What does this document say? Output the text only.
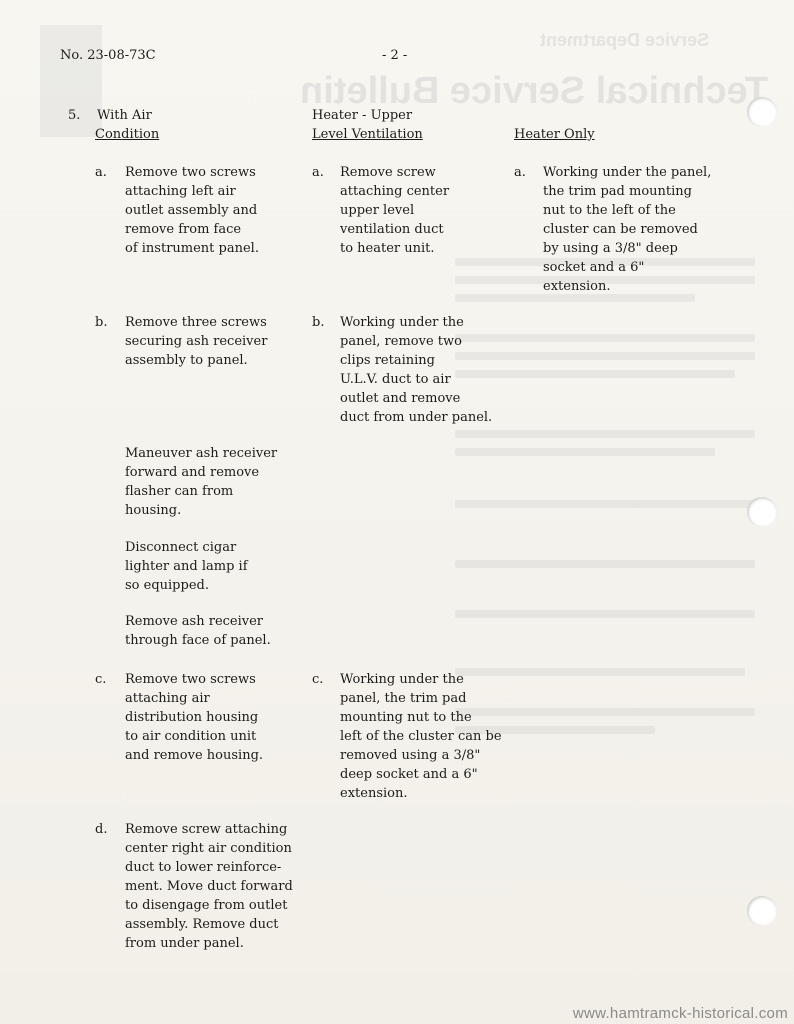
Service Department
Technical Service Bulletin
No. 23-08-73C	- 2 -
5. With Air

Condition
Heater - Upper
Level Ventilation	Heater Only
a. Remove two screws
attaching left air
outlet assembly and
remove from face
of instrument panel.
b. Remove three screws
securing ash receiver
assembly to panel.
Maneuver ash receiver
forward and remove
flasher can from
housing.
Disconnect cigar
lighter and lamp if
so equipped.
Remove ash receiver
through face of panel.
c. Remove two screws
attaching air
distribution housing
to air condition unit
and remove housing.
d. Remove screw attaching
center right air condition
duct to lower reinforce-
ment. Move duct forward
to disengage from outlet
assembly. Remove duct
from under panel.
a. Remove screw
attaching center
upper level
ventilation duct
to heater unit.
b. Working under the
panel, remove two
clips retaining
U.L.V. duct to air
outlet and remove
duct from under panel.
c. Working under the
panel, the trim pad
mounting nut to the
left of the cluster can be
removed using a 3/8"
deep socket and a 6"
extension.
a. Working under the panel,
the trim pad mounting
nut to the left of the
cluster can be removed
by using a 3/8" deep
socket and a 6"
extension.
www.hamtramck-historical.com
